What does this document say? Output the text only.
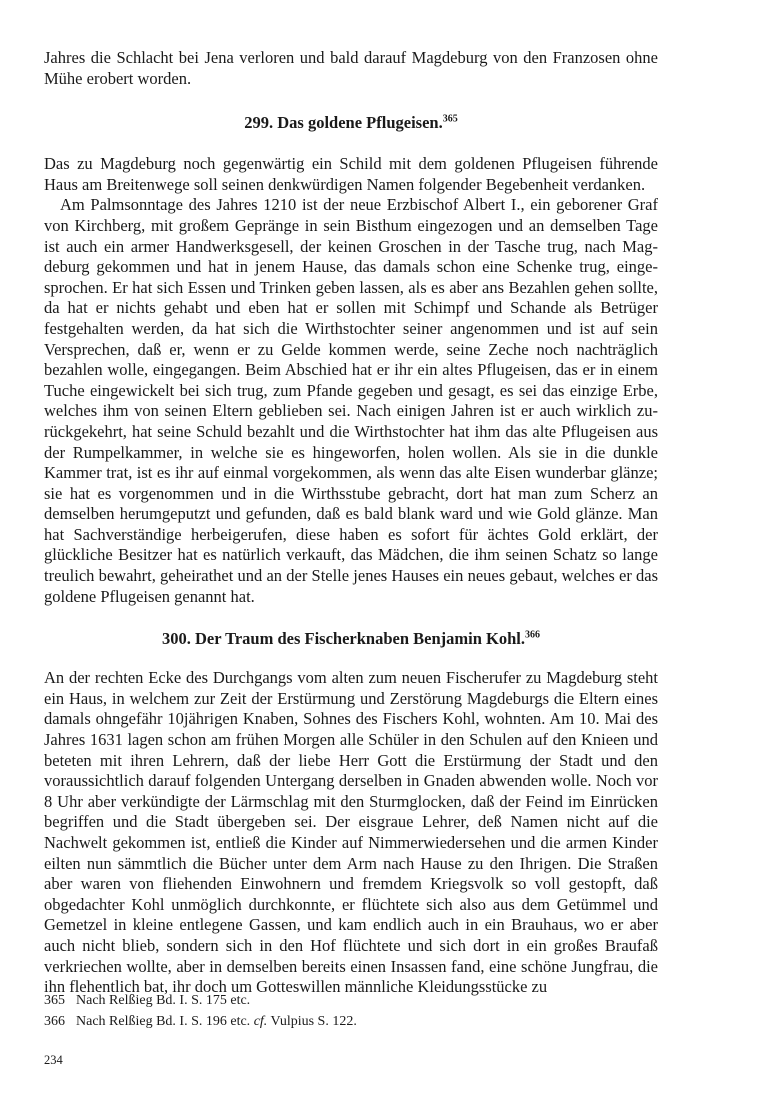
Jahres die Schlacht bei Jena verloren und bald darauf Magdeburg von den Franzosen ohne Mühe erobert worden.

299. Das goldene Pflugeisen.$^{365}$

Das zu Magdeburg noch gegenwärtig ein Schild mit dem goldenen Pflugeisen führende Haus am Breitenwege soll seinen denkwürdigen Namen folgender Begebenheit verdanken.

Am Palmsonntage des Jahres 1210 ist der neue Erzbischof Albert I., ein geborener Graf von Kirchberg, mit großem Gepränge in sein Bisthum eingezogen und an demselben Tage ist auch ein armer Handwerksgesell, der keinen Groschen in der Tasche trug, nach Magdeburg gekommen und hat in jenem Hause, das damals schon eine Schenke trug, eingesprochen. Er hat sich Essen und Trinken geben lassen, als es aber ans Bezahlen gehen sollte, da hat er nichts gehabt und eben hat er sollen mit Schimpf und Schande als Betrüger festgehalten werden, da hat sich die Wirthstochter seiner angenommen und ist auf sein Versprechen, daß er, wenn er zu Gelde kommen werde, seine Zeche noch nachträglich bezahlen wolle, eingegangen. Beim Abschied hat er ihr ein altes Pflugeisen, das er in einem Tuche eingewickelt bei sich trug, zum Pfande gegeben und gesagt, es sei das einzige Erbe, welches ihm von seinen Eltern geblieben sei. Nach einigen Jahren ist er auch wirklich zurückgekehrt, hat seine Schuld bezahlt und die Wirthstochter hat ihm das alte Pflugeisen aus der Rumpelkammer, in welche sie es hingeworfen, holen wollen. Als sie in die dunkle Kammer trat, ist es ihr auf einmal vorgekommen, als wenn das alte Eisen wunderbar glänze; sie hat es vorgenommen und in die Wirthsstube gebracht, dort hat man zum Scherz an demselben herumgeputzt und gefunden, daß es bald blank ward und wie Gold glänze. Man hat Sachverständige herbeigerufen, diese haben es sofort für ächtes Gold erklärt, der glückliche Besitzer hat es natürlich verkauft, das Mädchen, die ihm seinen Schatz so lange treulich bewahrt, geheirathet und an der Stelle jenes Hauses ein neues gebaut, welches er das goldene Pflugeisen genannt hat.

300. Der Traum des Fischerknaben Benjamin Kohl.$^{366}$

An der rechten Ecke des Durchgangs vom alten zum neuen Fischerufer zu Magdeburg steht ein Haus, in welchem zur Zeit der Erstürmung und Zerstörung Magdeburgs die Eltern eines damals ohngefähr 10jährigen Knaben, Sohnes des Fischers Kohl, wohnten. Am 10. Mai des Jahres 1631 lagen schon am frühen Morgen alle Schüler in den Schulen auf den Knieen und beteten mit ihren Lehrern, daß der liebe Herr Gott die Erstürmung der Stadt und den voraussichtlich darauf folgenden Untergang derselben in Gnaden abwenden wolle. Noch vor 8 Uhr aber verkündigte der Lärmschlag mit den Sturmglocken, daß der Feind im Einrücken begriffen und die Stadt übergeben sei. Der eisgraue Lehrer, deß Namen nicht auf die Nachwelt gekommen ist, entließ die Kinder auf Nimmerwiedersehen und die armen Kinder eilten nun sämmtlich die Bücher unter dem Arm nach Hause zu den Ihrigen. Die Straßen aber waren von fliehenden Einwohnern und fremdem Kriegsvolk so voll gestopft, daß obgedachter Kohl unmöglich durchkonnte, er flüchtete sich also aus dem Getümmel und Gemetzel in kleine entlegene Gassen, und kam endlich auch in ein Brauhaus, wo er aber auch nicht blieb, sondern sich in den Hof flüchtete und sich dort in ein großes Braufaß verkriechen wollte, aber in demselben bereits einen Insassen fand, eine schöne Jungfrau, die ihn flehentlich bat, ihr doch um Gotteswillen männliche Kleidungsstücke zu

365 Nach Relßieg Bd. I. S. 175 etc.
366 Nach Relßieg Bd. I. S. 196 etc. cf. Vulpius S. 122.
234
